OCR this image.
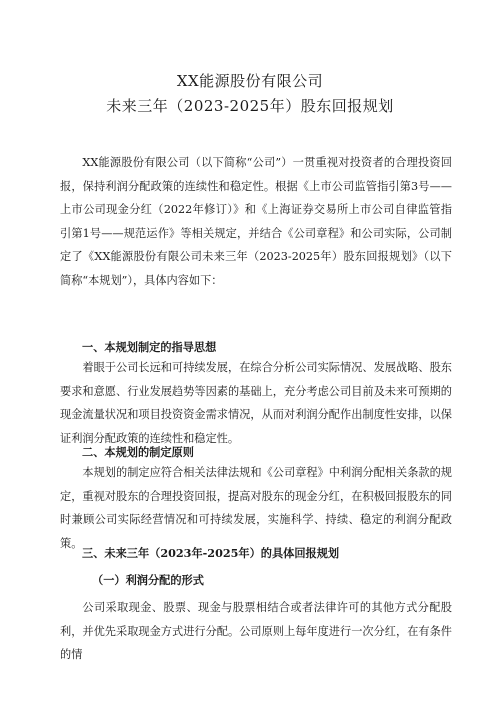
XX能源股份有限公司
未来三年（2023-2025年）股东回报规划

XX能源股份有限公司（以下简称“公司”）一贯重视对投资者的合理投资回报，保持利润分配政策的连续性和稳定性。根据《上市公司监管指引第3号——上市公司现金分红（2022年修订）》和《上海证券交易所上市公司自律监管指引第1号——规范运作》等相关规定，并结合《公司章程》和公司实际，公司制定了《XX能源股份有限公司未来三年（2023-2025年）股东回报规划》（以下简称“本规划”），具体内容如下：

一、本规划制定的指导思想

着眼于公司长远和可持续发展，在综合分析公司实际情况、发展战略、股东要求和意愿、行业发展趋势等因素的基础上，充分考虑公司目前及未来可预期的现金流量状况和项目投资资金需求情况，从而对利润分配作出制度性安排，以保证利润分配政策的连续性和稳定性。

二、本规划的制定原则

本规划的制定应符合相关法律法规和《公司章程》中利润分配相关条款的规定，重视对股东的合理投资回报，提高对股东的现金分红，在积极回报股东的同时兼顾公司实际经营情况和可持续发展，实施科学、持续、稳定的利润分配政策。

三、未来三年（2023年-2025年）的具体回报规划
（一）利润分配的形式

公司采取现金、股票、现金与股票相结合或者法律许可的其他方式分配股利，并优先采取现金方式进行分配。公司原则上每年度进行一次分红，在有条件的情
